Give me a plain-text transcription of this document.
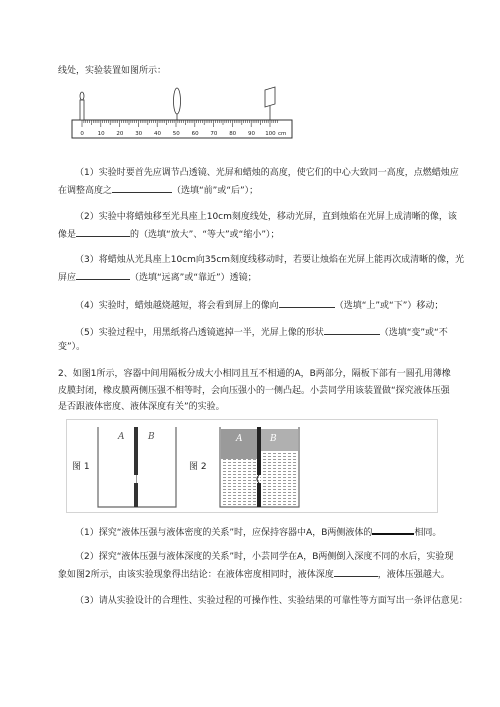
线处，实验装置如图所示：
0 10 20 30 40 50 60 70 80 90 100 cm
（1）实验时要首先应调节凸透镜、光屏和蜡烛的高度，使它们的中心大致同一高度，点燃蜡烛应
在调整高度之	（选填“前”或“后”）；
（2）实验中将蜡烛移至光具座上10cm刻度线处，移动光屏，直到烛焰在光屏上成清晰的像，该
像是	的（选填“放大”、“等大”或“缩小”）；
（3）将蜡烛从光具座上10cm向35cm刻度线移动时，若要让烛焰在光屏上能再次成清晰的像，光
屏应	（选填“远离”或“靠近”）透镜；
（4）实验时，蜡烛越烧越短，将会看到屏上的像向	（选填“上”或“下”）移动；
（5）实验过程中，用黑纸将凸透镜遮掉一半，光屏上像的形状	（选填“变”或“不
变”）。
2、如图1所示，容器中间用隔板分成大小相同且互不相通的A，B两部分，隔板下部有一圆孔用薄橡
皮膜封闭，橡皮膜两侧压强不相等时，会向压强小的一侧凸起。小芸同学用该装置做“探究液体压强
是否跟液体密度、液体深度有关”的实验。
图 1	图 2
A	B	A	B
（1）探究“液体压强与液体密度的关系”时，应保持容器中A，B两侧液体的	相同。
（2）探究“液体压强与液体深度的关系”时，小芸同学在A，B两侧倒入深度不同的水后，实验现
象如图2所示，由该实验现象得出结论：在液体密度相同时，液体深度	，液体压强越大。
（3）请从实验设计的合理性、实验过程的可操作性、实验结果的可靠性等方面写出一条评估意见：
